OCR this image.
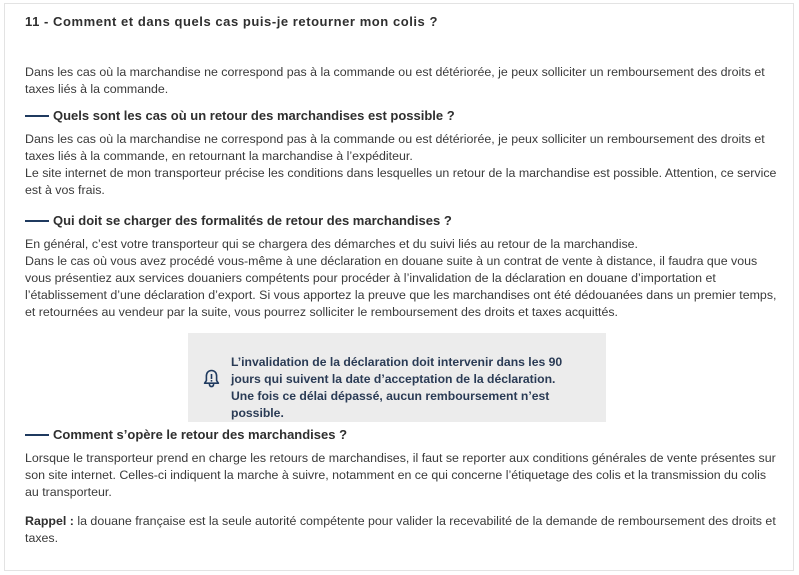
11 - Comment et dans quels cas puis-je retourner mon colis ?

Dans les cas où la marchandise ne correspond pas à la commande ou est détériorée, je peux solliciter un remboursement des droits et taxes liés à la commande.

Quels sont les cas où un retour des marchandises est possible ?

Dans les cas où la marchandise ne correspond pas à la commande ou est détériorée, je peux solliciter un remboursement des droits et taxes liés à la commande, en retournant la marchandise à l’expéditeur.

Le site internet de mon transporteur précise les conditions dans lesquelles un retour de la marchandise est possible. Attention, ce service est à vos frais.

Qui doit se charger des formalités de retour des marchandises ?

En général, c’est votre transporteur qui se chargera des démarches et du suivi liés au retour de la marchandise.

Dans le cas où vous avez procédé vous-même à une déclaration en douane suite à un contrat de vente à distance, il faudra que vous vous présentiez aux services douaniers compétents pour procéder à l’invalidation de la déclaration en douane d’importation et l’établissement d’une déclaration d’export. Si vous apportez la preuve que les marchandises ont été dédouanées dans un premier temps, et retournées au vendeur par la suite, vous pourrez solliciter le remboursement des droits et taxes acquittés.

Comment s’opère le retour des marchandises ?

Lorsque le transporteur prend en charge les retours de marchandises, il faut se reporter aux conditions générales de vente présentes sur son site internet. Celles-ci indiquent la marche à suivre, notamment en ce qui concerne l’étiquetage des colis et la transmission du colis au transporteur.

Rappel : la douane française est la seule autorité compétente pour valider la recevabilité de la demande de remboursement des droits et taxes.

L’invalidation de la déclaration doit intervenir dans les 90 jours qui suivent la date d’acceptation de la déclaration. Une fois ce délai dépassé, aucun remboursement n’est possible.
